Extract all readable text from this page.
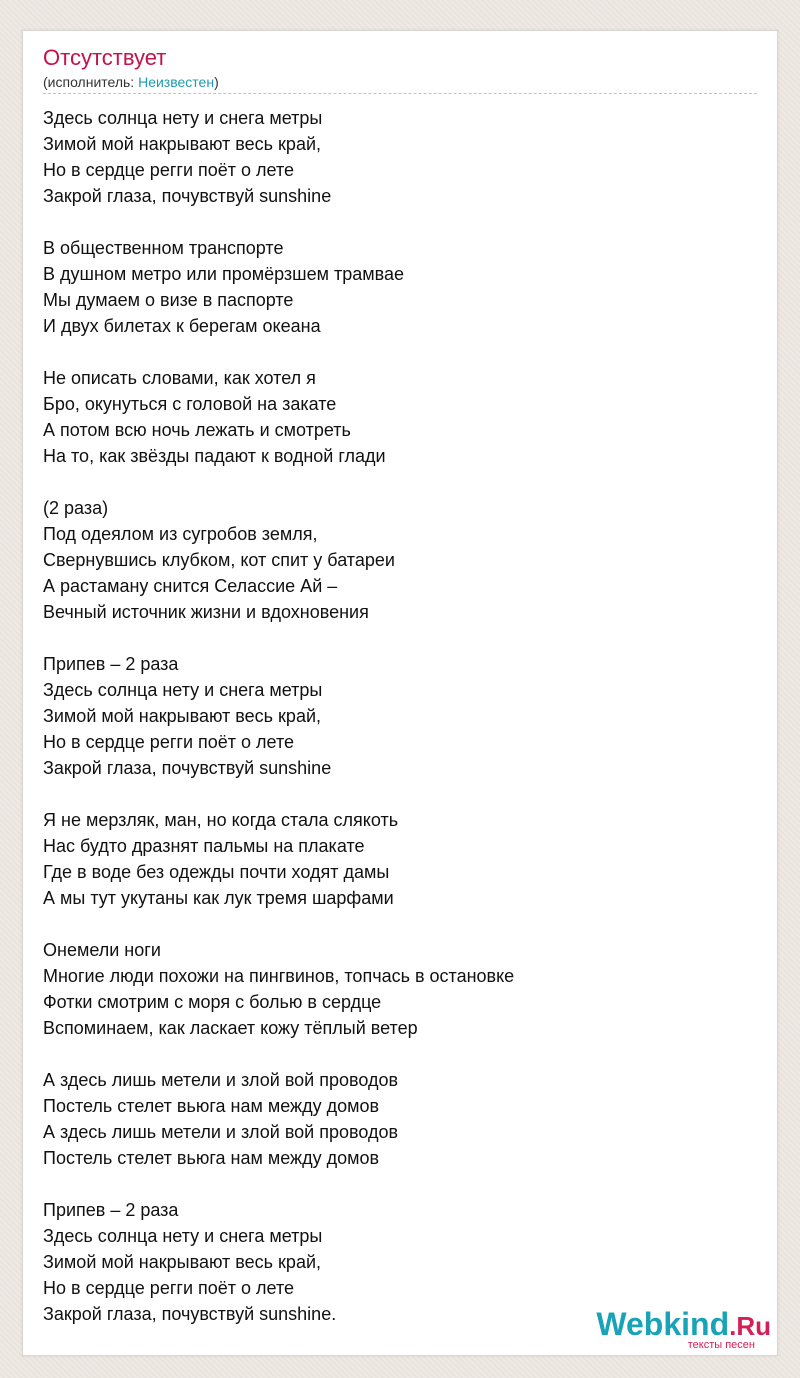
Отсутствует
(исполнитель: Неизвестен)
Здесь солнца нету и снега метры
Зимой мой накрывают весь край,
Но в сердце регги поёт о лете
Закрой глаза, почувствуй sunshine
В общественном транспорте
В душном метро или промёрзшем трамвае
Мы думаем о визе в паспорте
И двух билетах к берегам океана
Не описать словами, как хотел я
Бро, окунуться с головой на закате
А потом всю ночь лежать и смотреть
На то, как звёзды падают к водной глади
(2 раза)
Под одеялом из сугробов земля,
Свернувшись клубком, кот спит у батареи
А растаману снится Селассие Ай –
Вечный источник жизни и вдохновения
Припев – 2 раза
Здесь солнца нету и снега метры
Зимой мой накрывают весь край,
Но в сердце регги поёт о лете
Закрой глаза, почувствуй sunshine
Я не мерзляк, ман, но когда стала слякоть
Нас будто дразнят пальмы на плакате
Где в воде без одежды почти ходят дамы
А мы тут укутаны как лук тремя шарфами
Онемели ноги
Многие люди похожи на пингвинов, топчась в остановке
Фотки смотрим с моря с болью в сердце
Вспоминаем, как ласкает кожу тёплый ветер
А здесь лишь метели и злой вой проводов
Постель стелет вьюга нам между домов
А здесь лишь метели и злой вой проводов
Постель стелет вьюга нам между домов
Припев – 2 раза
Здесь солнца нету и снега метры
Зимой мой накрывают весь край,
Но в сердце регги поёт о лете
Закрой глаза, почувствуй sunshine.	Webkind.Ru
тексты песен
